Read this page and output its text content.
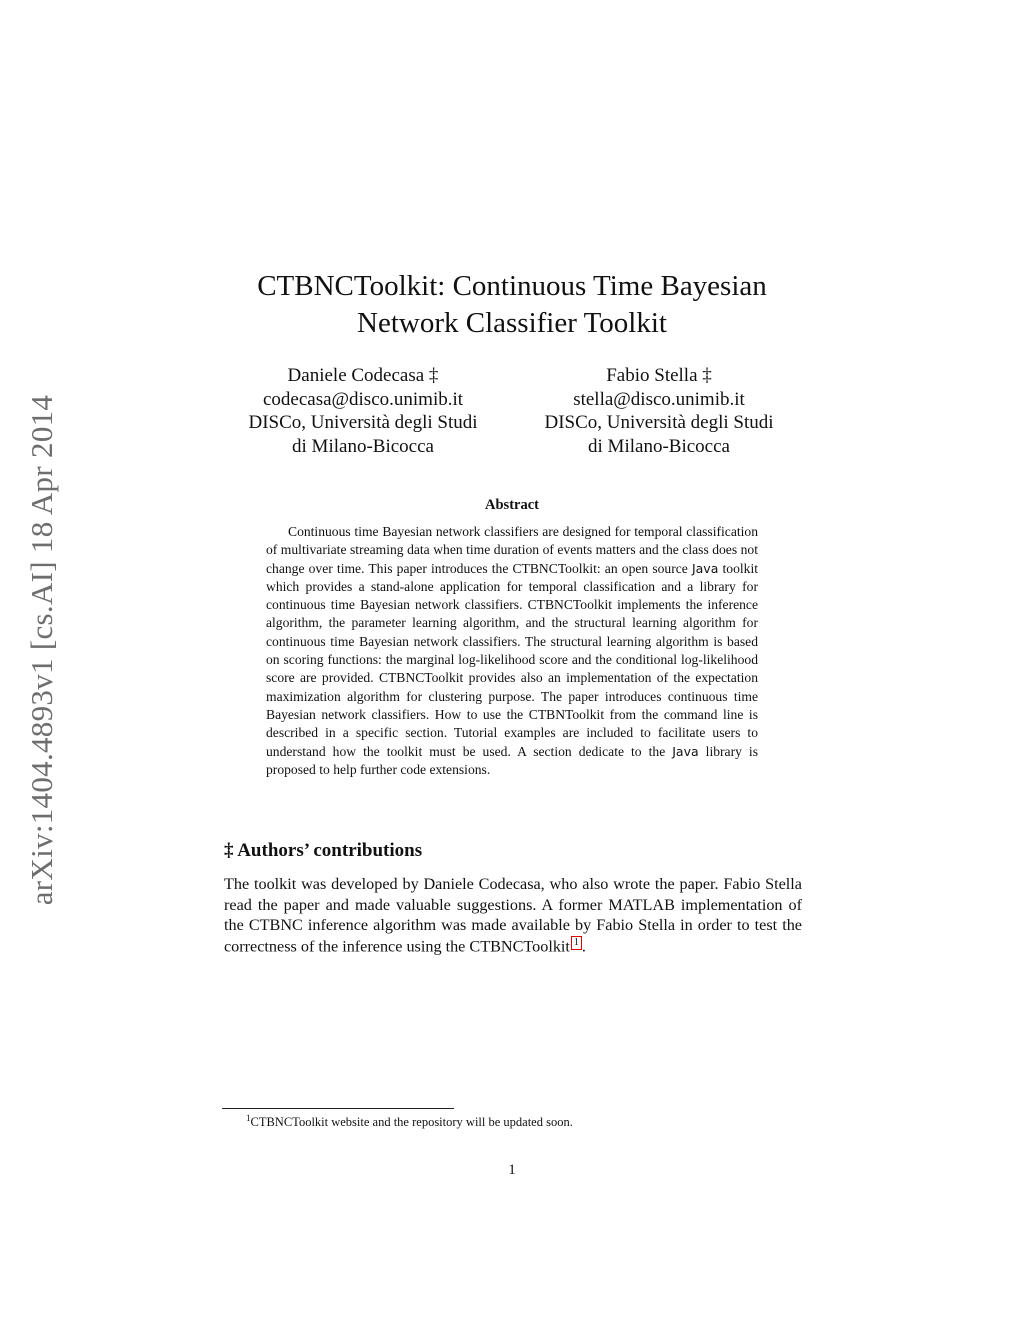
arXiv:1404.4893v1 [cs.AI] 18 Apr 2014
CTBNCToolkit: Continuous Time Bayesian
Network Classifier Toolkit
Daniele Codecasa ‡
codecasa@disco.unimib.it
DISCo, Università degli Studi
di Milano-Bicocca
Fabio Stella ‡
stella@disco.unimib.it
DISCo, Università degli Studi
di Milano-Bicocca
Abstract
Continuous time Bayesian network classifiers are designed for temporal classification of multivariate streaming data when time duration of events matters and the class does not change over time. This paper introduces the CTBNCToolkit: an open source Java toolkit which provides a stand-alone application for temporal classification and a library for continuous time Bayesian network classifiers. CTBNCToolkit implements the inference algorithm, the parameter learning algorithm, and the structural learning algorithm for continuous time Bayesian network classifiers. The structural learning algorithm is based on scoring functions: the marginal log-likelihood score and the conditional log-likelihood score are provided. CTBNCToolkit provides also an implementation of the expectation maximization algorithm for clustering purpose. The paper introduces continuous time Bayesian network classifiers. How to use the CTBNToolkit from the command line is described in a specific section. Tutorial examples are included to facilitate users to understand how the toolkit must be used. A section dedicate to the Java library is proposed to help further code extensions.
‡ Authors’ contributions
The toolkit was developed by Daniele Codecasa, who also wrote the paper. Fabio Stella read the paper and made valuable suggestions. A former MATLAB implementation of the CTBNC inference algorithm was made available by Fabio Stella in order to test the correctness of the inference using the CTBNCToolkit 1 .
$^1$CTBNCToolkit website and the repository will be updated soon.
1
